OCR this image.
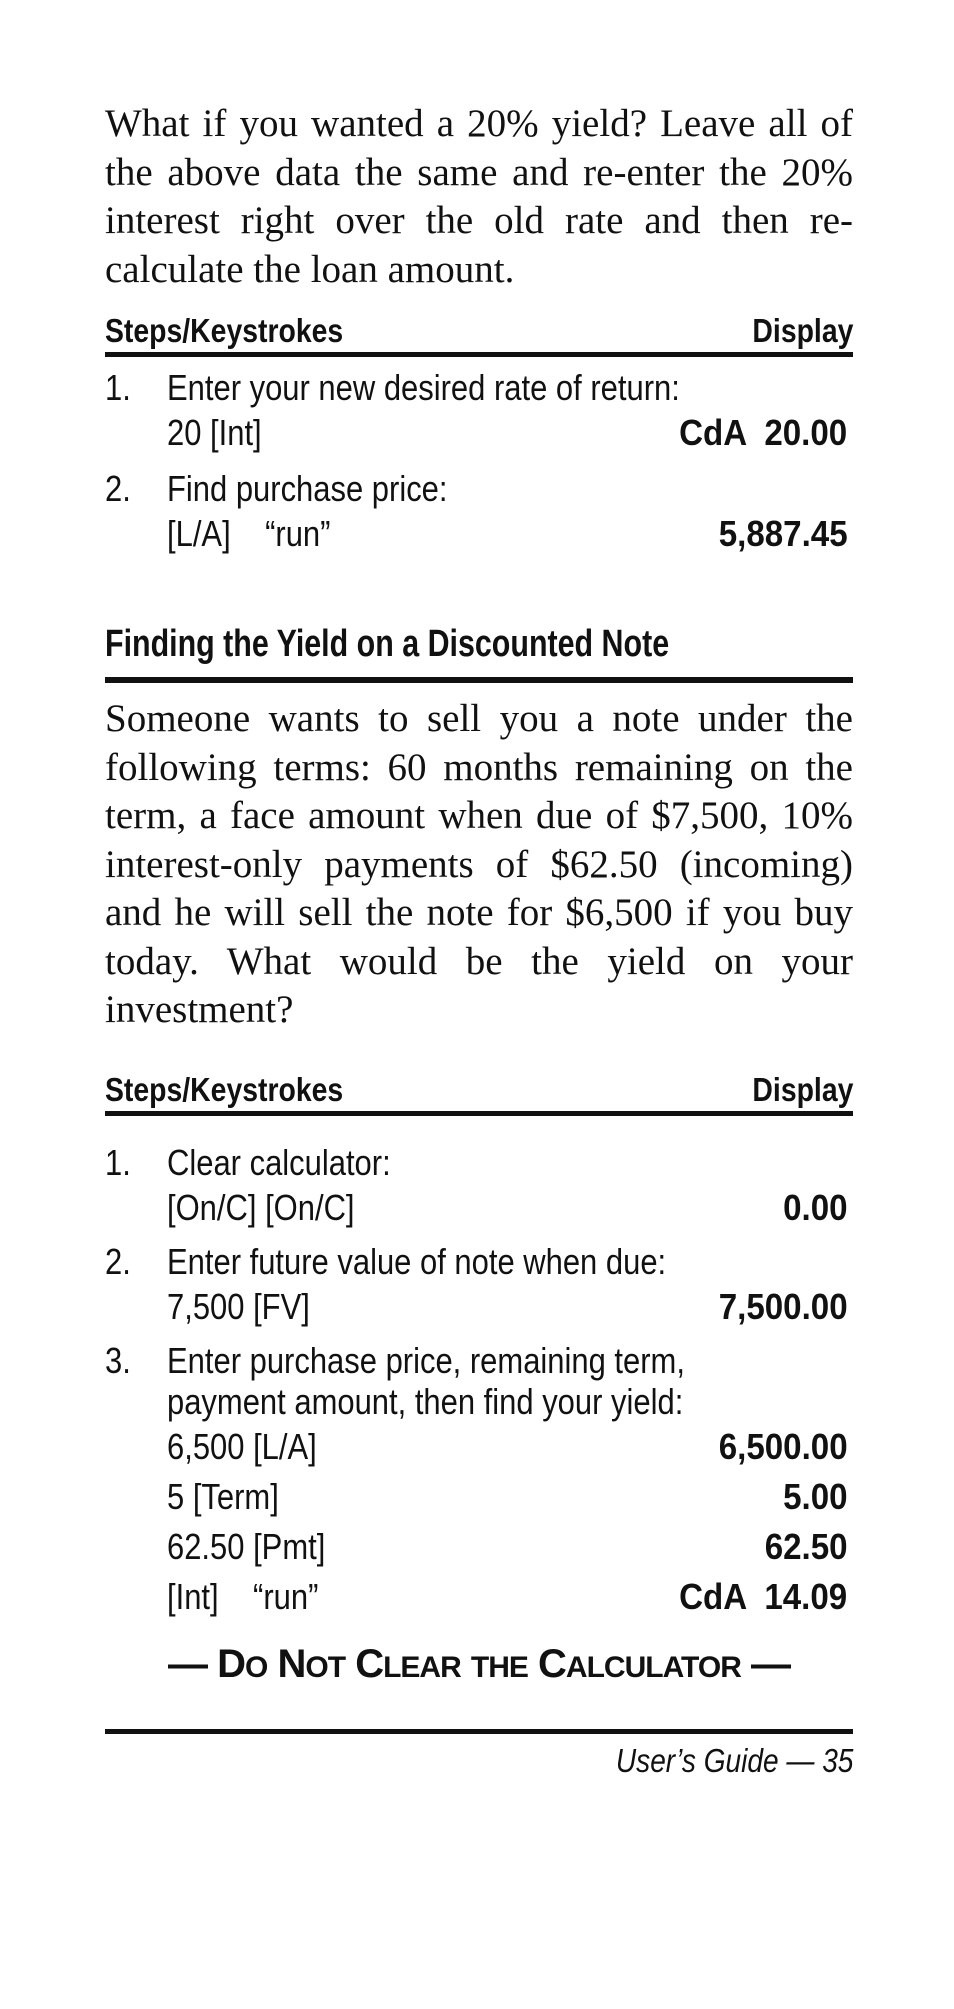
What if you wanted a 20% yield? Leave all of the above data the same and re-enter the 20% interest right over the old rate and then re-calculate the loan amount.

Steps/Keystrokes	Display
1. Enter your new desired rate of return:
20 [Int]	CdA  20.00
2. Find purchase price:
[L/A]    “run”	5,887.45
Finding the Yield on a Discounted Note

Someone wants to sell you a note under the following terms: 60 months remaining on the term, a face amount when due of $7,500, 10% interest-only payments of $62.50 (incoming) and he will sell the note for $6,500 if you buy today. What would be the yield on your investment?

Steps/Keystrokes	Display
1. Clear calculator:
[On/C] [On/C]	0.00
2. Enter future value of note when due:
7,500 [FV]	7,500.00
3. Enter purchase price, remaining term,
payment amount, then find your yield:
6,500 [L/A]	6,500.00
5 [Term]	5.00
62.50 [Pmt]	62.50
[Int]    “run”	CdA  14.09
— DO NOT CLEAR THE CALCULATOR —
User’s Guide — 35
